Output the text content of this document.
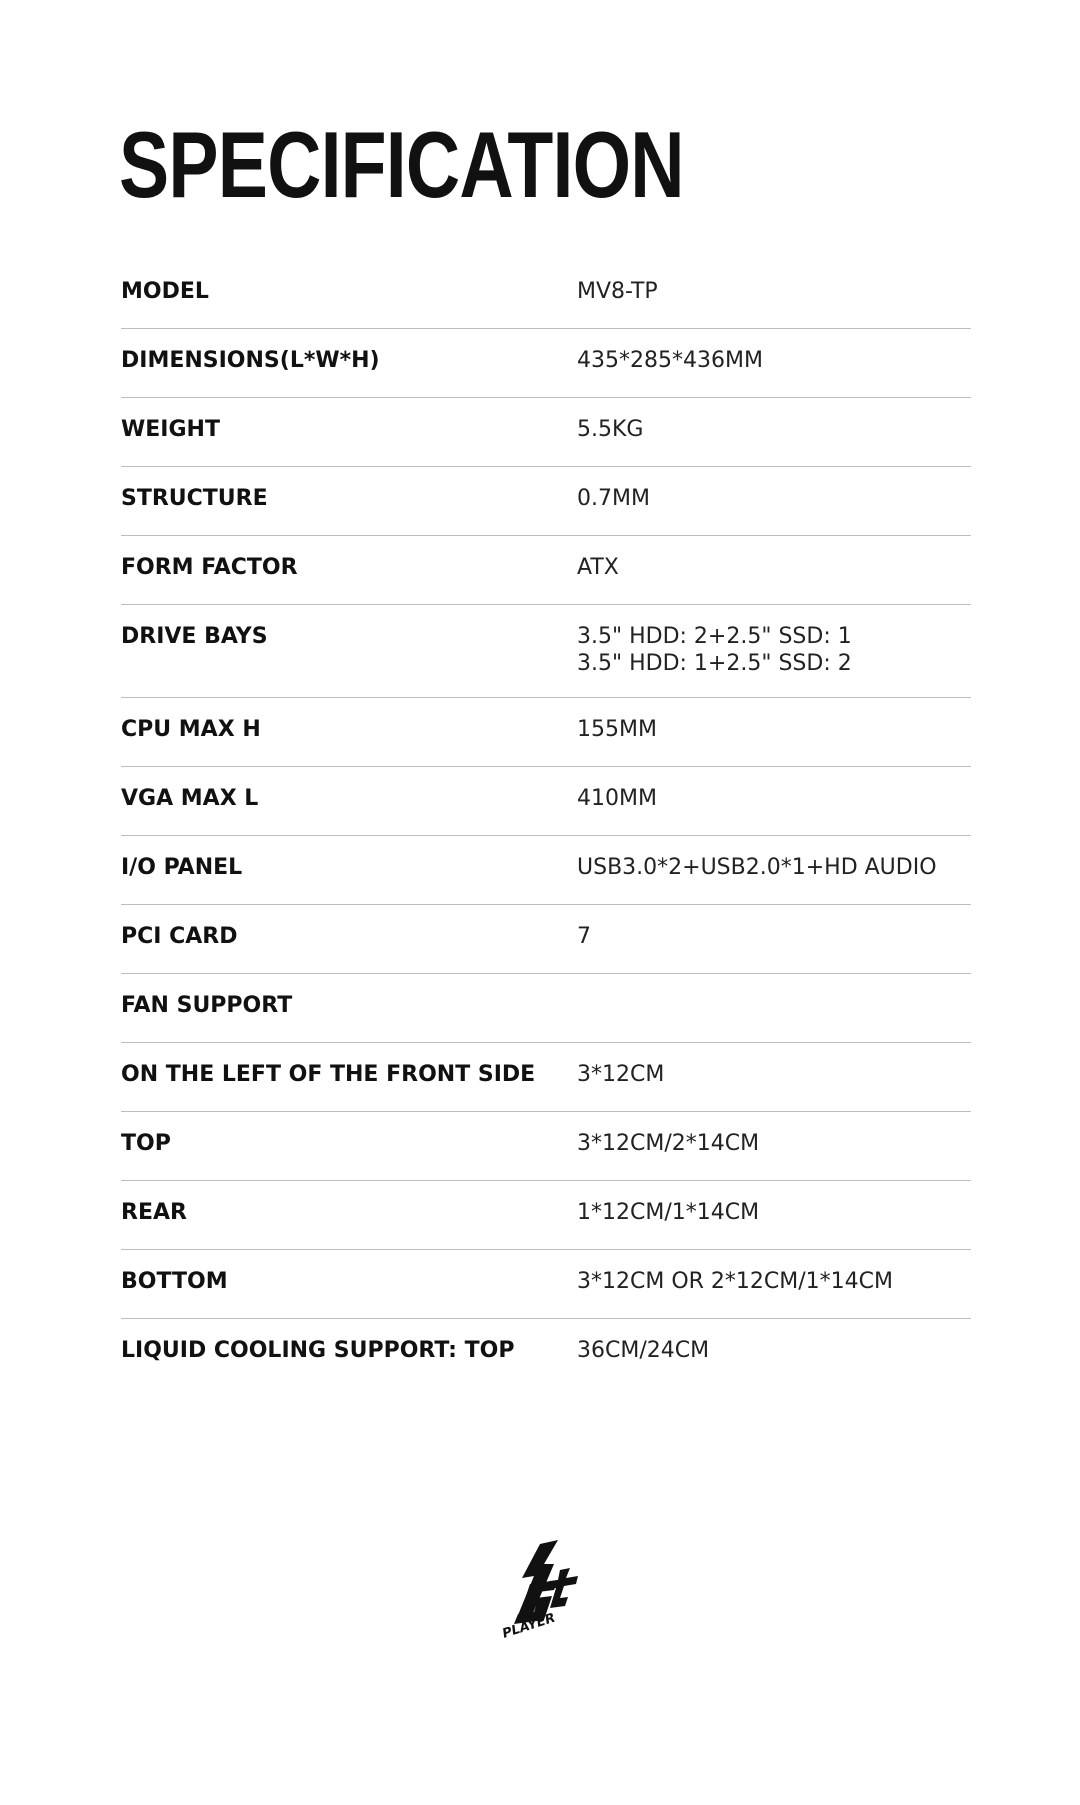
SPECIFICATION
MODEL	MV8-TP
DIMENSIONS(L*W*H)	435*285*436MM
WEIGHT	5.5KG
STRUCTURE	0.7MM
FORM FACTOR	ATX
DRIVE BAYS	3.5" HDD: 2+2.5" SSD: 1
3.5" HDD: 1+2.5" SSD: 2
CPU MAX H	155MM
VGA MAX L	410MM
I/O PANEL	USB3.0*2+USB2.0*1+HD AUDIO
PCI CARD	7
FAN SUPPORT
ON THE LEFT OF THE FRONT SIDE	3*12CM
TOP	3*12CM/2*14CM
REAR	1*12CM/1*14CM
BOTTOM	3*12CM OR 2*12CM/1*14CM
LIQUID COOLING SUPPORT: TOP	36CM/24CM
PLAYER
